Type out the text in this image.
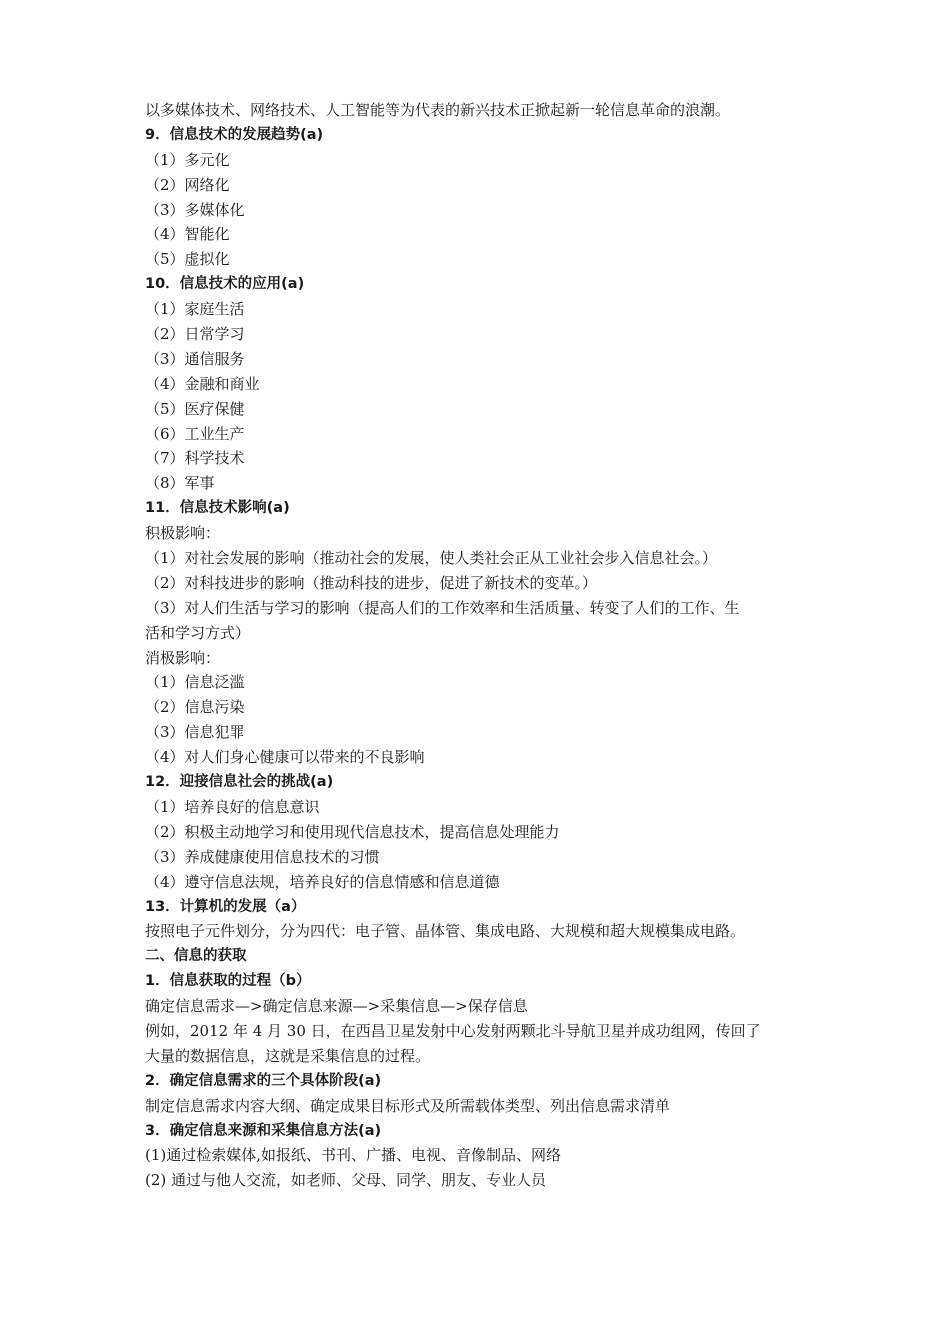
以多媒体技术、网络技术、人工智能等为代表的新兴技术正掀起新一轮信息革命的浪潮。
9．信息技术的发展趋势(a)
（1）多元化
（2）网络化
（3）多媒体化
（4）智能化
（5）虚拟化
10．信息技术的应用(a)
（1）家庭生活
（2）日常学习
（3）通信服务
（4）金融和商业
（5）医疗保健
（6）工业生产
（7）科学技术
（8）军事
11．信息技术影响(a)
积极影响：
（1）对社会发展的影响（推动社会的发展，使人类社会正从工业社会步入信息社会。）
（2）对科技进步的影响（推动科技的进步，促进了新技术的变革。）
（3）对人们生活与学习的影响（提高人们的工作效率和生活质量、转变了人们的工作、生
活和学习方式）
消极影响：
（1）信息泛滥
（2）信息污染
（3）信息犯罪
（4）对人们身心健康可以带来的不良影响
12．迎接信息社会的挑战(a)
（1）培养良好的信息意识
（2）积极主动地学习和使用现代信息技术，提高信息处理能力
（3）养成健康使用信息技术的习惯
（4）遵守信息法规，培养良好的信息情感和信息道德
13．计算机的发展（a）
按照电子元件划分，分为四代：电子管、晶体管、集成电路、大规模和超大规模集成电路。
二、信息的获取
1．信息获取的过程（b）
确定信息需求—>确定信息来源—>采集信息—>保存信息
例如，2012 年 4 月 30 日，在西昌卫星发射中心发射两颗北斗导航卫星并成功组网，传回了
大量的数据信息，这就是采集信息的过程。
2．确定信息需求的三个具体阶段(a)
制定信息需求内容大纲、确定成果目标形式及所需载体类型、列出信息需求清单
3．确定信息来源和采集信息方法(a)
(1)通过检索媒体,如报纸、书刊、广播、电视、音像制品、网络
(2) 通过与他人交流，如老师、父母、同学、朋友、专业人员
